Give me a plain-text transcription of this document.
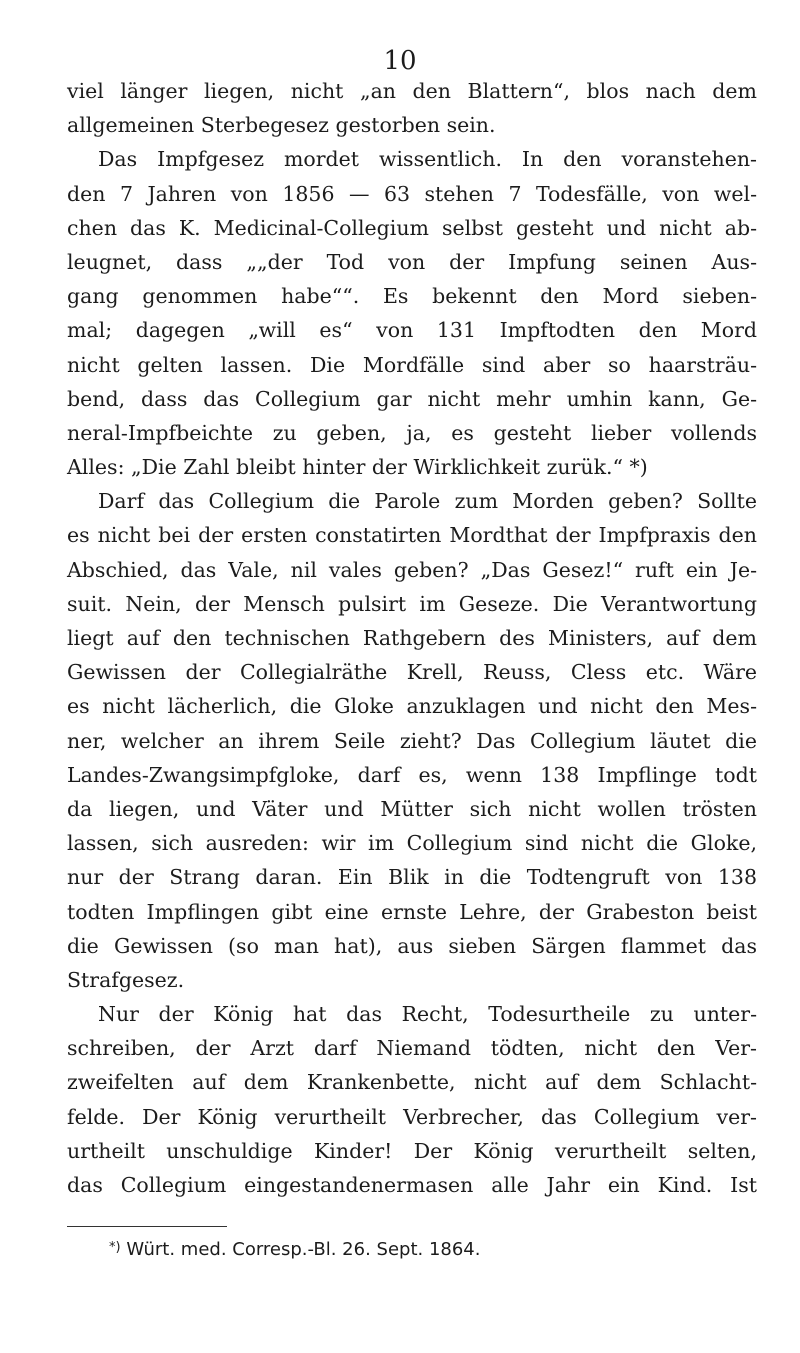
10
viel länger liegen, nicht „an den Blattern“, blos nach dem
allgemeinen Sterbegesez gestorben sein.
Das Impfgesez mordet wissentlich. In den voranstehen-
den 7 Jahren von 1856 — 63 stehen 7 Todesfälle, von wel-
chen das K. Medicinal-Collegium selbst gesteht und nicht ab-
leugnet, dass „„der Tod von der Impfung seinen Aus-
gang genommen habe““. Es bekennt den Mord sieben-
mal; dagegen „will es“ von 131 Impftodten den Mord
nicht gelten lassen. Die Mordfälle sind aber so haarsträu-
bend, dass das Collegium gar nicht mehr umhin kann, Ge-
neral-Impfbeichte zu geben, ja, es gesteht lieber vollends
Alles: „Die Zahl bleibt hinter der Wirklichkeit zurük.“ *)
Darf das Collegium die Parole zum Morden geben? Sollte
es nicht bei der ersten constatirten Mordthat der Impfpraxis den
Abschied, das Vale, nil vales geben? „Das Gesez!“ ruft ein Je-
suit. Nein, der Mensch pulsirt im Geseze. Die Verantwortung
liegt auf den technischen Rathgebern des Ministers, auf dem
Gewissen der Collegialräthe Krell, Reuss, Cless etc. Wäre
es nicht lächerlich, die Gloke anzuklagen und nicht den Mes-
ner, welcher an ihrem Seile zieht? Das Collegium läutet die
Landes-Zwangsimpfgloke, darf es, wenn 138 Impflinge todt
da liegen, und Väter und Mütter sich nicht wollen trösten
lassen, sich ausreden: wir im Collegium sind nicht die Gloke,
nur der Strang daran. Ein Blik in die Todtengruft von 138
todten Impflingen gibt eine ernste Lehre, der Grabeston beist
die Gewissen (so man hat), aus sieben Särgen flammet das
Strafgesez.
Nur der König hat das Recht, Todesurtheile zu unter-
schreiben, der Arzt darf Niemand tödten, nicht den Ver-
zweifelten auf dem Krankenbette, nicht auf dem Schlacht-
felde. Der König verurtheilt Verbrecher, das Collegium ver-
urtheilt unschuldige Kinder! Der König verurtheilt selten,
das Collegium eingestandenermasen alle Jahr ein Kind. Ist
*) Würt. med. Corresp.-Bl. 26. Sept. 1864.
